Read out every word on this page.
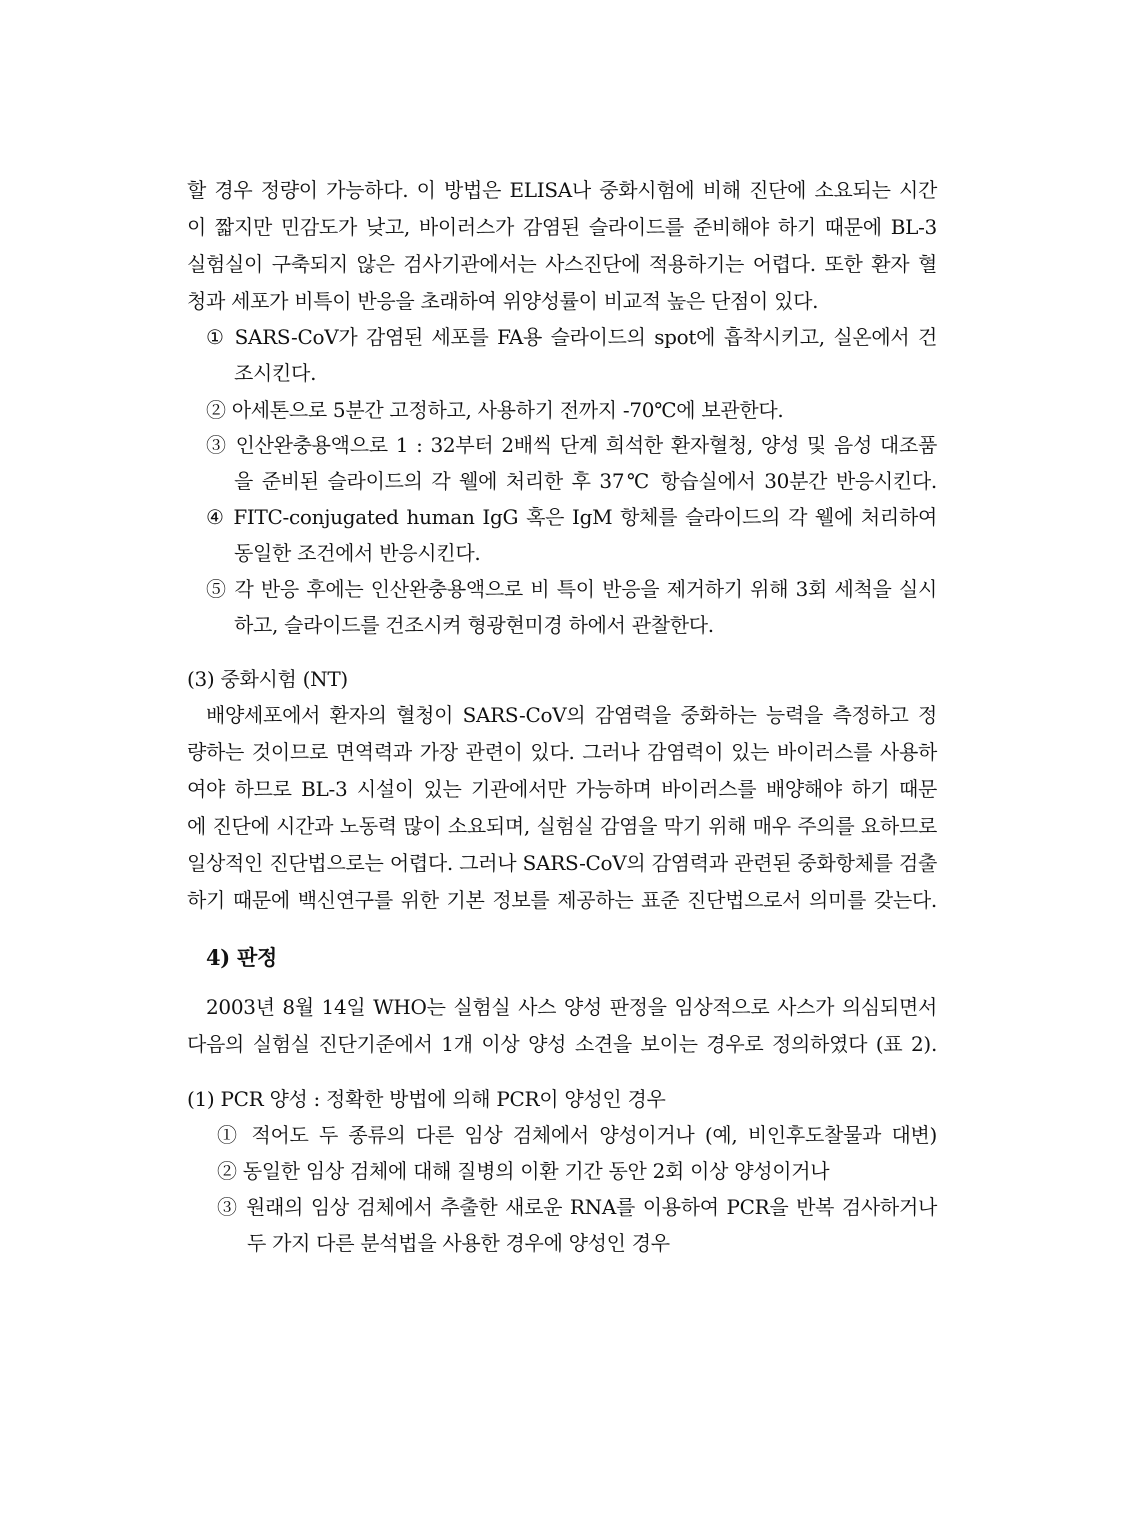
할 경우 정량이 가능하다. 이 방법은 ELISA나 중화시험에 비해 진단에 소요되는 시간
이 짧지만 민감도가 낮고, 바이러스가 감염된 슬라이드를 준비해야 하기 때문에 BL-3
실험실이 구축되지 않은 검사기관에서는 사스진단에 적용하기는 어렵다. 또한 환자 혈
청과 세포가 비특이 반응을 초래하여 위양성률이 비교적 높은 단점이 있다.
① SARS-CoV가 감염된 세포를 FA용 슬라이드의 spot에 흡착시키고, 실온에서 건
조시킨다.
② 아세톤으로 5분간 고정하고, 사용하기 전까지 -70℃에 보관한다.
③ 인산완충용액으로 1 : 32부터 2배씩 단계 희석한 환자혈청, 양성 및 음성 대조품
을 준비된 슬라이드의 각 웰에 처리한 후 37℃ 항습실에서 30분간 반응시킨다.
④ FITC-conjugated human IgG 혹은 IgM 항체를 슬라이드의 각 웰에 처리하여
동일한 조건에서 반응시킨다.
⑤ 각 반응 후에는 인산완충용액으로 비 특이 반응을 제거하기 위해 3회 세척을 실시
하고, 슬라이드를 건조시켜 형광현미경 하에서 관찰한다.
(3) 중화시험 (NT)
배양세포에서 환자의 혈청이 SARS-CoV의 감염력을 중화하는 능력을 측정하고 정
량하는 것이므로 면역력과 가장 관련이 있다. 그러나 감염력이 있는 바이러스를 사용하
여야 하므로 BL-3 시설이 있는 기관에서만 가능하며 바이러스를 배양해야 하기 때문
에 진단에 시간과 노동력 많이 소요되며, 실험실 감염을 막기 위해 매우 주의를 요하므로
일상적인 진단법으로는 어렵다. 그러나 SARS-CoV의 감염력과 관련된 중화항체를 검출
하기 때문에 백신연구를 위한 기본 정보를 제공하는 표준 진단법으로서 의미를 갖는다.
4) 판정
2003년 8월 14일 WHO는 실험실 사스 양성 판정을 임상적으로 사스가 의심되면서
다음의 실험실 진단기준에서 1개 이상 양성 소견을 보이는 경우로 정의하였다 (표 2).
(1) PCR 양성 : 정확한 방법에 의해 PCR이 양성인 경우
① 적어도 두 종류의 다른 임상 검체에서 양성이거나 (예, 비인후도찰물과 대변)
② 동일한 임상 검체에 대해 질병의 이환 기간 동안 2회 이상 양성이거나
③ 원래의 임상 검체에서 추출한 새로운 RNA를 이용하여 PCR을 반복 검사하거나
두 가지 다른 분석법을 사용한 경우에 양성인 경우
